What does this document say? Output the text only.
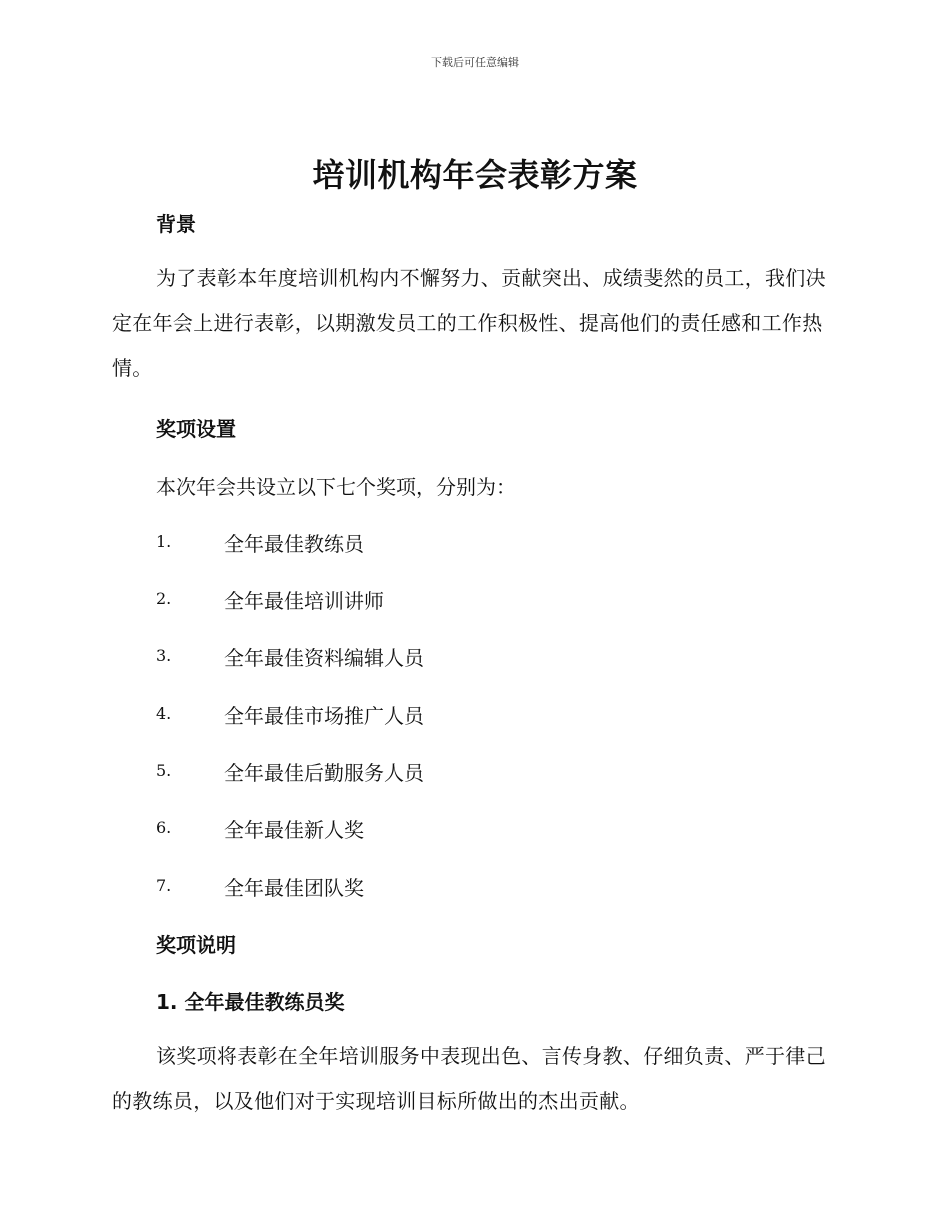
下载后可任意编辑
培训机构年会表彰方案
背景
为了表彰本年度培训机构内不懈努力、贡献突出、成绩斐然的员工，我们决定在年会上进行表彰，以期激发员工的工作积极性、提高他们的责任感和工作热情。
奖项设置
本次年会共设立以下七个奖项，分别为：
1.	全年最佳教练员
2.	全年最佳培训讲师
3.	全年最佳资料编辑人员
4.	全年最佳市场推广人员
5.	全年最佳后勤服务人员
6.	全年最佳新人奖
7.	全年最佳团队奖
奖项说明
1. 全年最佳教练员奖
该奖项将表彰在全年培训服务中表现出色、言传身教、仔细负责、严于律己的教练员，以及他们对于实现培训目标所做出的杰出贡献。
